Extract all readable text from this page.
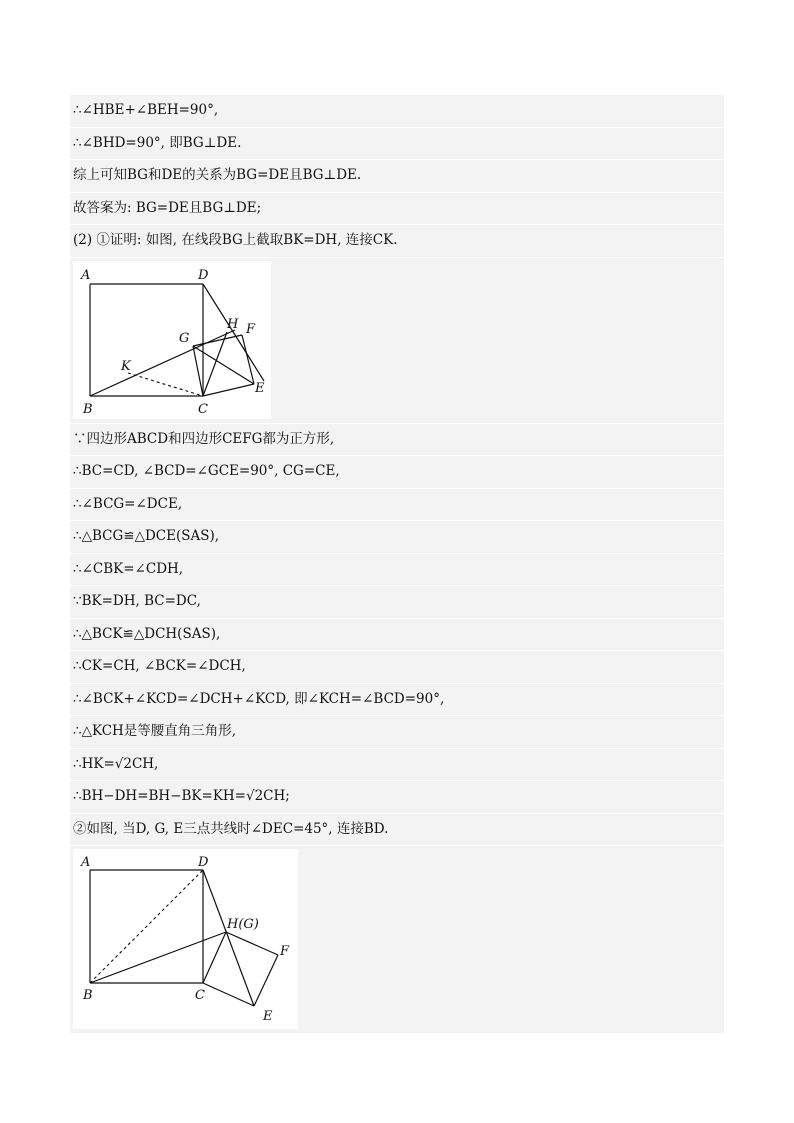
∴∠HBE+∠BEH=90°,
∴∠BHD=90°, 即BG⊥DE.
综上可知BG和DE的关系为BG=DE且BG⊥DE.
故答案为: BG=DE且BG⊥DE;
(2) ①证明: 如图, 在线段BG上截取BK=DH, 连接CK.
A	D
G
H F
K
E
B	C
∵四边形ABCD和四边形CEFG都为正方形,
∴BC=CD, ∠BCD=∠GCE=90°, CG=CE,
∴∠BCG=∠DCE,
∴△BCG≌△DCE(SAS),
∴∠CBK=∠CDH,
∵BK=DH, BC=DC,
∴△BCK≌△DCH(SAS),
∴CK=CH, ∠BCK=∠DCH,
∴∠BCK+∠KCD=∠DCH+∠KCD, 即∠KCH=∠BCD=90°,
∴△KCH是等腰直角三角形,
∴HK=√2CH,
∴BH−DH=BH−BK=KH=√2CH;
②如图, 当D, G, E三点共线时∠DEC=45°, 连接BD.
A	D
H(G)
F
B	C
E
